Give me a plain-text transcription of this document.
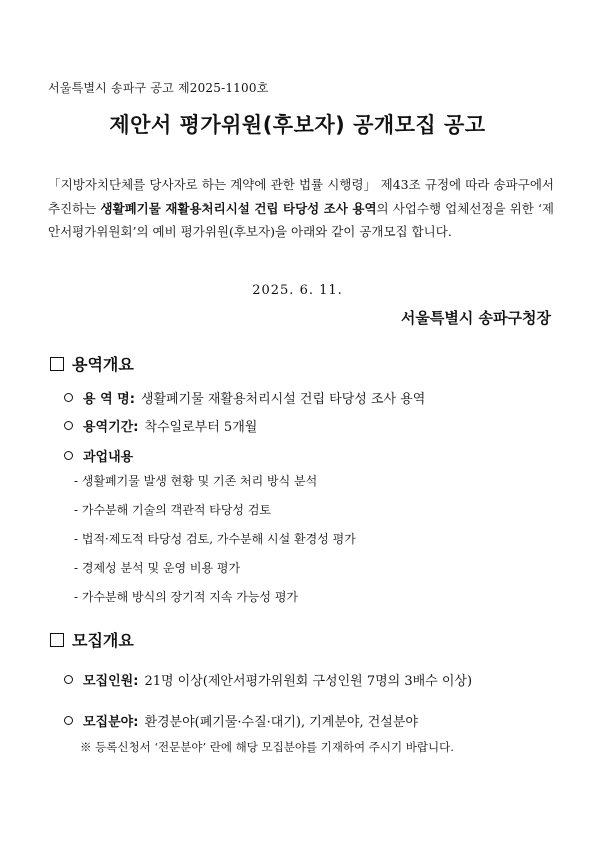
서울특별시 송파구 공고 제2025-1100호
제안서 평가위원(후보자) 공개모집 공고
「지방자치단체를 당사자로 하는 계약에 관한 법률 시행령」 제43조 규정에 따라 송파구에서 추진하는 생활폐기물 재활용처리시설 건립 타당성 조사 용역의 사업수행 업체선정을 위한 ‘제안서평가위원회’의 예비 평가위원(후보자)을 아래와 같이 공개모집 합니다.
2025. 6. 11.
서울특별시 송파구청장
용역개요
용 역 명: 생활폐기물 재활용처리시설 건립 타당성 조사 용역
용역기간: 착수일로부터 5개월
과업내용
- 생활폐기물 발생 현황 및 기존 처리 방식 분석
- 가수분해 기술의 객관적 타당성 검토
- 법적·제도적 타당성 검토, 가수분해 시설 환경성 평가
- 경제성 분석 및 운영 비용 평가
- 가수분해 방식의 장기적 지속 가능성 평가
모집개요
모집인원: 21명 이상(제안서평가위원회 구성인원 7명의 3배수 이상)
모집분야: 환경분야(폐기물·수질·대기), 기계분야, 건설분야
※ 등록신청서 ‘전문분야’ 란에 해당 모집분야를 기재하여 주시기 바랍니다.
